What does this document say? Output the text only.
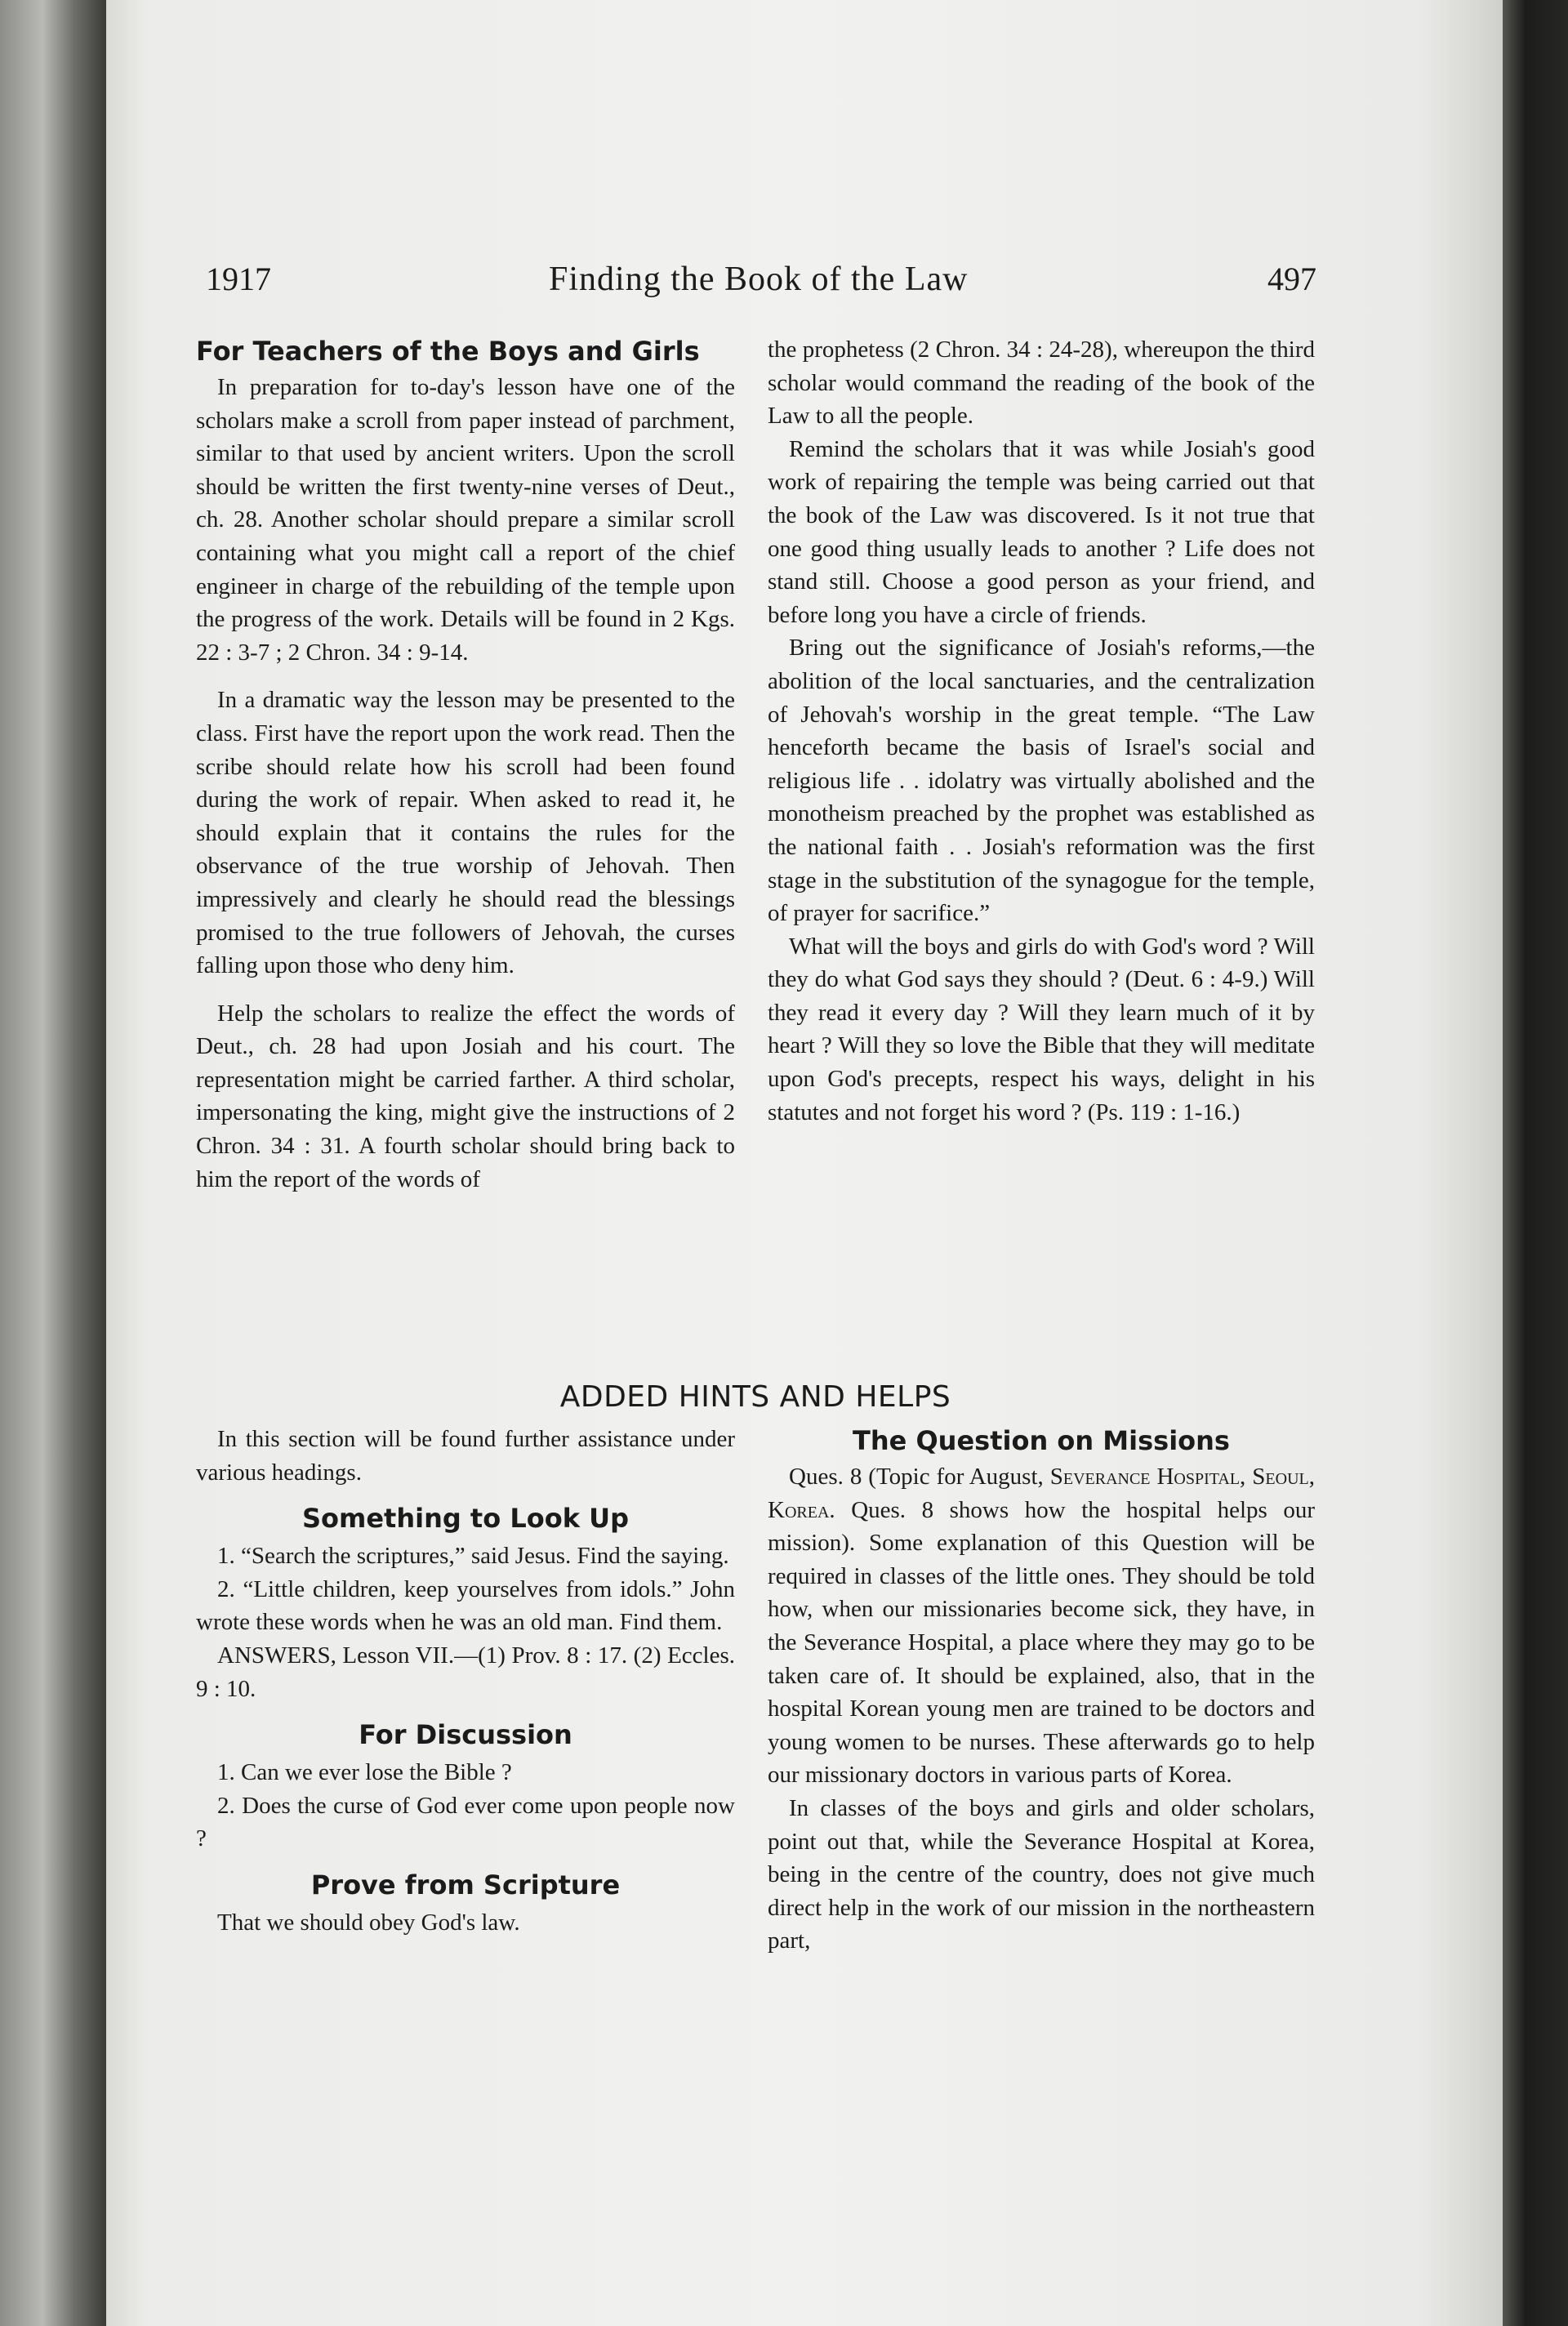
1917	Finding the Book of the Law	497
For Teachers of the Boys and Girls

In preparation for to-day's lesson have one of the scholars make a scroll from paper instead of parchment, similar to that used by ancient writers. Upon the scroll should be written the first twenty-nine verses of Deut., ch. 28. Another scholar should prepare a similar scroll containing what you might call a report of the chief engineer in charge of the rebuilding of the temple upon the progress of the work. Details will be found in 2 Kgs. 22 : 3-7 ; 2 Chron. 34 : 9-14.

In a dramatic way the lesson may be presented to the class. First have the report upon the work read. Then the scribe should relate how his scroll had been found during the work of repair. When asked to read it, he should explain that it contains the rules for the observance of the true worship of Jehovah. Then impressively and clearly he should read the blessings promised to the true followers of Jehovah, the curses falling upon those who deny him.

Help the scholars to realize the effect the words of Deut., ch. 28 had upon Josiah and his court. The representation might be carried farther. A third scholar, impersonating the king, might give the instructions of 2 Chron. 34 : 31. A fourth scholar should bring back to him the report of the words of

the prophetess (2 Chron. 34 : 24-28), whereupon the third scholar would command the reading of the book of the Law to all the people.

Remind the scholars that it was while Josiah's good work of repairing the temple was being carried out that the book of the Law was discovered. Is it not true that one good thing usually leads to another ? Life does not stand still. Choose a good person as your friend, and before long you have a circle of friends.

Bring out the significance of Josiah's reforms,—the abolition of the local sanctuaries, and the centralization of Jehovah's worship in the great temple. “The Law henceforth became the basis of Israel's social and religious life . . idolatry was virtually abolished and the monotheism preached by the prophet was established as the national faith . . Josiah's reformation was the first stage in the substitution of the synagogue for the temple, of prayer for sacrifice.”

What will the boys and girls do with God's word ? Will they do what God says they should ? (Deut. 6 : 4-9.) Will they read it every day ? Will they learn much of it by heart ? Will they so love the Bible that they will meditate upon God's precepts, respect his ways, delight in his statutes and not forget his word ? (Ps. 119 : 1-16.)

ADDED HINTS AND HELPS

In this section will be found further assistance under various headings.

Something to Look Up

1. “Search the scriptures,” said Jesus. Find the saying.

2. “Little children, keep yourselves from idols.” John wrote these words when he was an old man. Find them.

ANSWERS, Lesson VII.—(1) Prov. 8 : 17. (2) Eccles. 9 : 10.

For Discussion

1. Can we ever lose the Bible ?

2. Does the curse of God ever come upon people now ?

Prove from Scripture

That we should obey God's law.

The Question on Missions

Ques. 8 (Topic for August, Severance Hospital, Seoul, Korea. Ques. 8 shows how the hospital helps our mission). Some explanation of this Question will be required in classes of the little ones. They should be told how, when our missionaries become sick, they have, in the Severance Hospital, a place where they may go to be taken care of. It should be explained, also, that in the hospital Korean young men are trained to be doctors and young women to be nurses. These afterwards go to help our missionary doctors in various parts of Korea.

In classes of the boys and girls and older scholars, point out that, while the Severance Hospital at Korea, being in the centre of the country, does not give much direct help in the work of our mission in the northeastern part,
